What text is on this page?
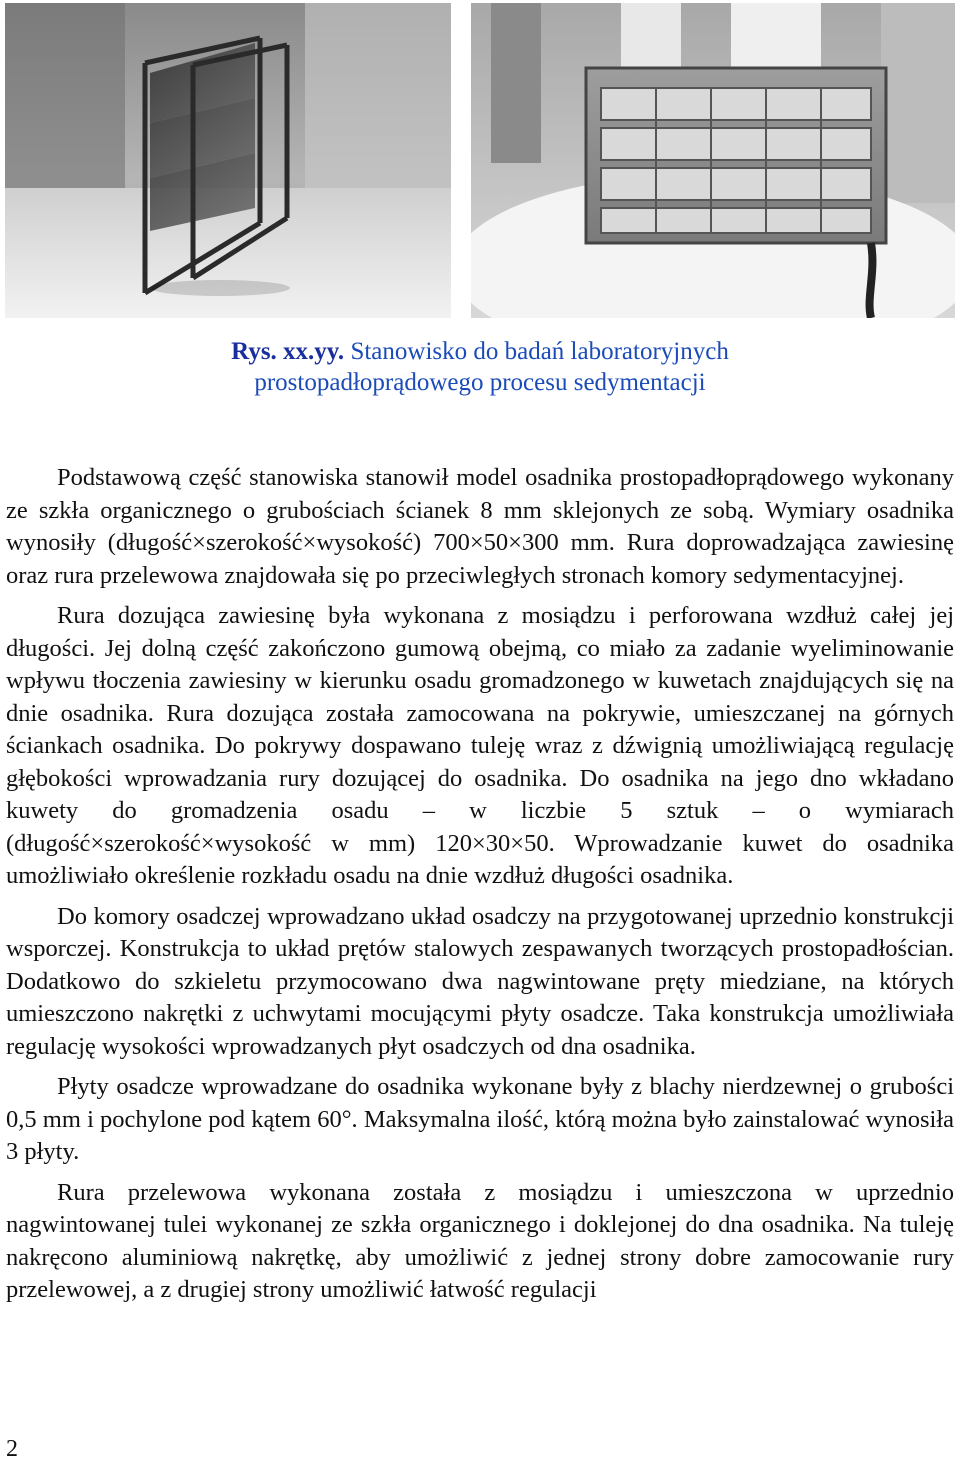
Rys. xx.yy. Stanowisko do badań laboratoryjnych
prostopadłoprądowego procesu sedymentacji

Podstawową część stanowiska stanowił model osadnika prostopadłoprądowego wykonany ze szkła organicznego o grubościach ścianek 8 mm sklejonych ze sobą. Wymiary osadnika wynosiły (długość×szerokość×wysokość) 700×50×300 mm. Rura doprowadzająca zawiesinę oraz rura przelewowa znajdowała się po przeciwległych stronach komory sedymentacyjnej.

Rura dozująca zawiesinę była wykonana z mosiądzu i perforowana wzdłuż całej jej długości. Jej dolną część zakończono gumową obejmą, co miało za zadanie wyeliminowanie wpływu tłoczenia zawiesiny w kierunku osadu gromadzonego w kuwetach znajdujących się na dnie osadnika. Rura dozująca została zamocowana na pokrywie, umieszczanej na górnych ściankach osadnika. Do pokrywy dospawano tuleję wraz z dźwignią umożliwiającą regulację głębokości wprowadzania rury dozującej do osadnika. Do osadnika na jego dno wkładano kuwety do gromadzenia osadu – w liczbie 5 sztuk – o wymiarach (długość×szerokość×wysokość w mm) 120×30×50. Wprowadzanie kuwet do osadnika umożliwiało określenie rozkładu osadu na dnie wzdłuż długości osadnika.

Do komory osadczej wprowadzano układ osadczy na przygotowanej uprzednio konstrukcji wsporczej. Konstrukcja to układ prętów stalowych zespawanych tworzących prostopadłościan. Dodatkowo do szkieletu przymocowano dwa nagwintowane pręty miedziane, na których umieszczono nakrętki z uchwytami mocującymi płyty osadcze. Taka konstrukcja umożliwiała regulację wysokości wprowadzanych płyt osadczych od dna osadnika.

Płyty osadcze wprowadzane do osadnika wykonane były z blachy nierdzewnej o grubości 0,5 mm i pochylone pod kątem 60°. Maksymalna ilość, którą można było zainstalować wynosiła 3 płyty.

Rura przelewowa wykonana została z mosiądzu i umieszczona w uprzednio nagwintowanej tulei wykonanej ze szkła organicznego i doklejonej do dna osadnika. Na tuleję nakręcono aluminiową nakrętkę, aby umożliwić z jednej strony dobre zamocowanie rury przelewowej, a z drugiej strony umożliwić łatwość regulacji

2
